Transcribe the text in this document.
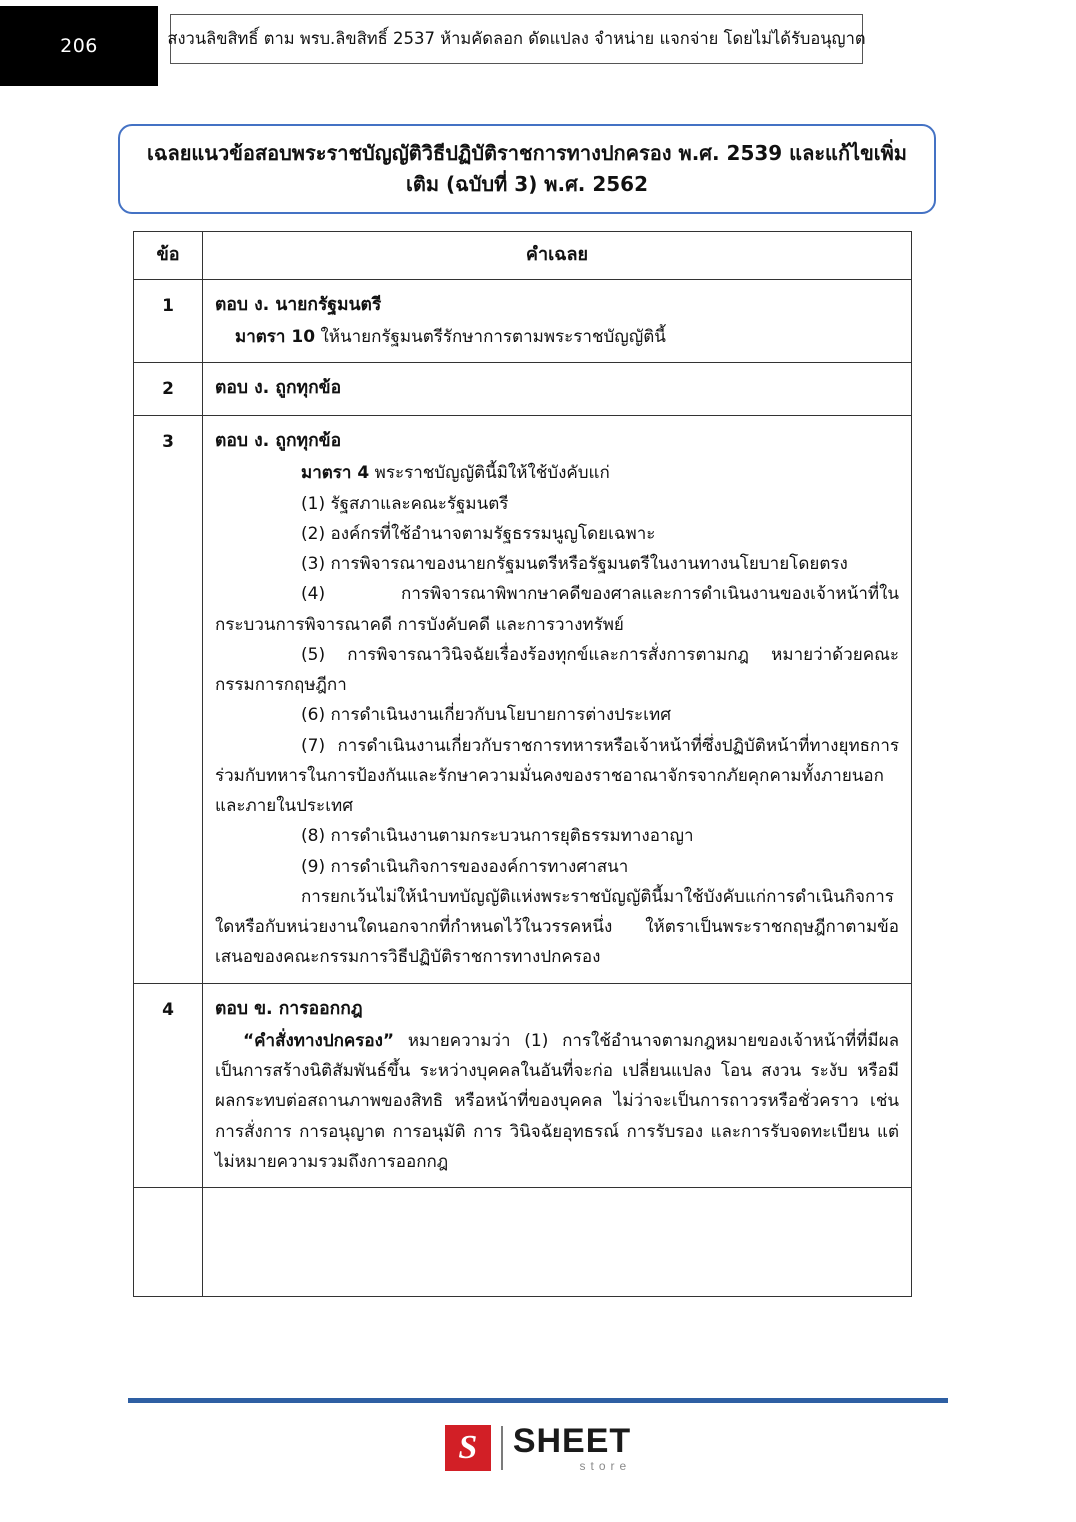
206	สงวนลิขสิทธิ์ ตาม พรบ.ลิขสิทธิ์ 2537 ห้ามคัดลอก ดัดแปลง จำหน่าย แจกจ่าย โดยไม่ได้รับอนุญาต
เฉลยแนวข้อสอบพระราชบัญญัติวิธีปฏิบัติราชการทางปกครอง พ.ศ. 2539 และแก้ไขเพิ่มเติม (ฉบับที่ 3) พ.ศ. 2562
ข้อ	คำเฉลย
1	ตอบ ง. นายกรัฐมนตรี

มาตรา 10 ให้นายกรัฐมนตรีรักษาการตามพระราชบัญญัตินี้

2	ตอบ ง. ถูกทุกข้อ

3	ตอบ ง. ถูกทุกข้อ

มาตรา 4 พระราชบัญญัตินี้มิให้ใช้บังคับแก่

(1) รัฐสภาและคณะรัฐมนตรี

(2) องค์กรที่ใช้อำนาจตามรัฐธรรมนูญโดยเฉพาะ

(3) การพิจารณาของนายกรัฐมนตรีหรือรัฐมนตรีในงานทางนโยบายโดยตรง

(4) การพิจารณาพิพากษาคดีของศาลและการดำเนินงานของเจ้าหน้าที่ในกระบวนการพิจารณาคดี การบังคับคดี และการวางทรัพย์

(5) การพิจารณาวินิจฉัยเรื่องร้องทุกข์และการสั่งการตามกฎ หมายว่าด้วยคณะกรรมการกฤษฎีกา

(6) การดำเนินงานเกี่ยวกับนโยบายการต่างประเทศ

(7) การดำเนินงานเกี่ยวกับราชการทหารหรือเจ้าหน้าที่ซึ่งปฏิบัติหน้าที่ทางยุทธการร่วมกับทหารในการป้องกันและรักษาความมั่นคงของราชอาณาจักรจากภัยคุกคามทั้งภายนอกและภายในประเทศ

(8) การดำเนินงานตามกระบวนการยุติธรรมทางอาญา

(9) การดำเนินกิจการขององค์การทางศาสนา

การยกเว้นไม่ให้นำบทบัญญัติแห่งพระราชบัญญัตินี้มาใช้บังคับแก่การดำเนินกิจการใดหรือกับหน่วยงานใดนอกจากที่กำหนดไว้ในวรรคหนึ่ง ให้ตราเป็นพระราชกฤษฎีกาตามข้อเสนอของคณะกรรมการวิธีปฏิบัติราชการทางปกครอง

4	ตอบ ข. การออกกฎ

“คำสั่งทางปกครอง” หมายความว่า (1) การใช้อำนาจตามกฎหมายของเจ้าหน้าที่ที่มีผลเป็นการสร้างนิติสัมพันธ์ขึ้น ระหว่างบุคคลในอันที่จะก่อ เปลี่ยนแปลง โอน สงวน ระงับ หรือมีผลกระทบต่อสถานภาพของสิทธิ หรือหน้าที่ของบุคคล ไม่ว่าจะเป็นการถาวรหรือชั่วคราว เช่น การสั่งการ การอนุญาต การอนุมัติ การ วินิจฉัยอุทธรณ์ การรับรอง และการรับจดทะเบียน แต่ไม่หมายความรวมถึงการออกกฎ

S	SHEET
store
